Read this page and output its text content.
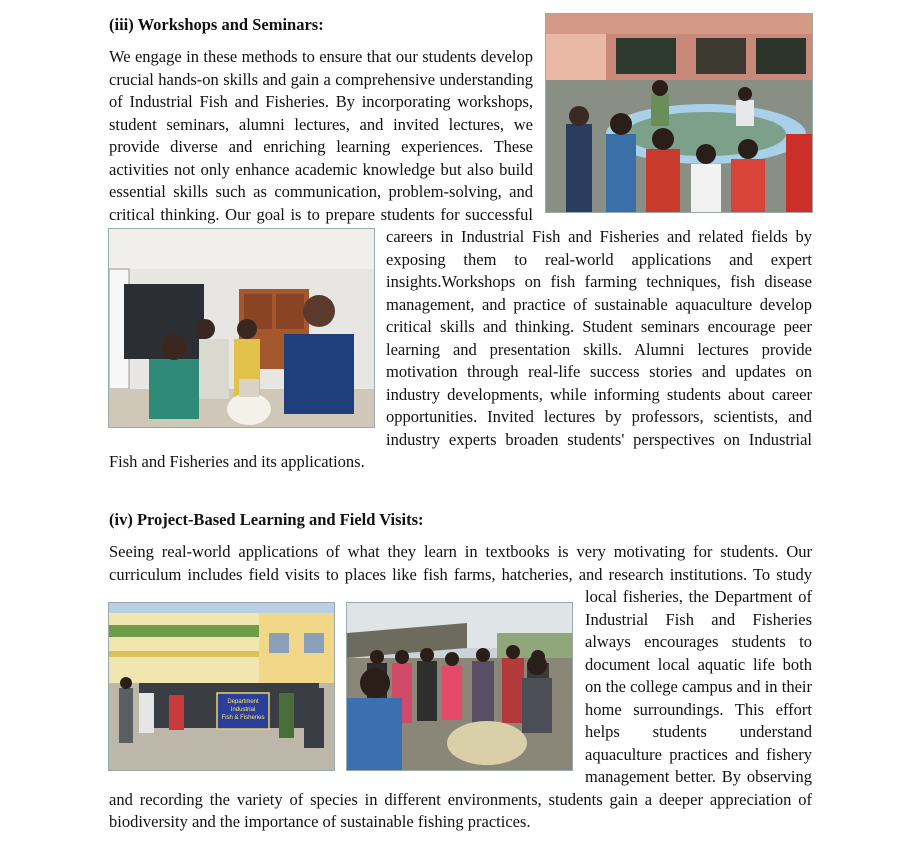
(iii) Workshops and Seminars:

We engage in these methods to ensure that our students develop crucial hands-on skills and gain a comprehensive understanding of Industrial Fish and Fisheries. By incorporating workshops, student seminars, alumni lectures, and invited lectures, we provide diverse and enriching learning experiences. These activities not only enhance academic knowledge but also build essential skills such as communication, problem-solving, and critical thinking. Our goal is to prepare students for successful careers in Industrial Fish and Fisheries and related fields by exposing them to real-world applications and expert insights.Workshops on fish farming techniques, fish disease management, and practice of sustainable aquaculture develop critical skills and thinking. Student seminars encourage peer learning and presentation skills. Alumni lectures provide motivation through real-life success stories and updates on industry developments, while informing students about career opportunities. Invited lectures by professors, scientists, and industry experts broaden students' perspectives on Industrial Fish and Fisheries and its applications.

(iv) Project-Based Learning and Field Visits:
Department
Industrial
Fish & Fisheries

Seeing real-world applications of what they learn in textbooks is very motivating for students. Our curriculum includes field visits to places like fish farms, hatcheries, and research institutions. To study local fisheries, the Department of Industrial Fish and Fisheries always encourages students to document local aquatic life both on the college campus and in their home surroundings. This effort helps students understand aquaculture practices and fishery management better. By observing and recording the variety of species in different environments, students gain a deeper appreciation of biodiversity and the importance of sustainable fishing practices.
